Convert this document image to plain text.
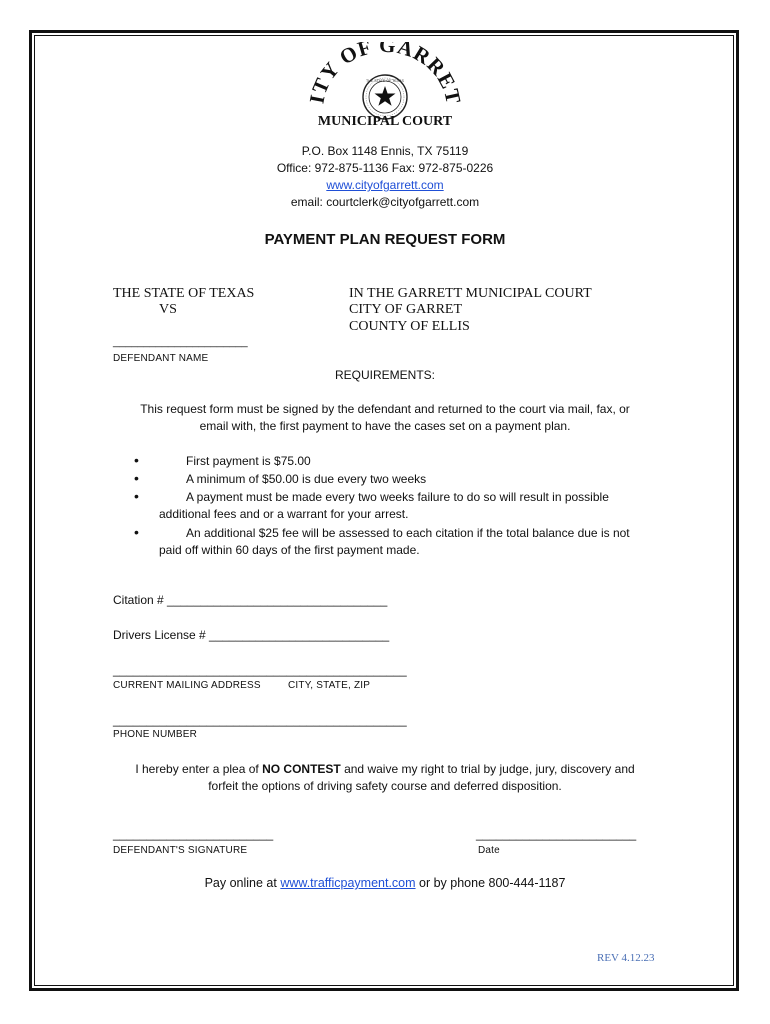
ITY OF GARRET
THE STATE OF TEXAS
MUNICIPAL COURT
P.O. Box 1148 Ennis, TX 75119
Office: 972-875-1136 Fax: 972-875-0226
www.cityofgarrett.com
email: courtclerk@cityofgarrett.com
PAYMENT PLAN REQUEST FORM
THE STATE OF TEXAS
VS
IN THE GARRETT MUNICIPAL COURT
CITY OF GARRET
COUNTY OF ELLIS
______________________
DEFENDANT NAME
REQUIREMENTS:
This request form must be signed by the defendant and returned to the court via mail, fax, or
email with, the first payment to have the cases set on a payment plan.
•	First payment is $75.00
•	A minimum of $50.00 is due every two weeks
•	A payment must be made every two weeks failure to do so will result in possible
additional fees and or a warrant for your arrest.
•	An additional $25 fee will be assessed to each citation if the total balance due is not
paid off within 60 days of the first payment made.
Citation # _________________________________
Drivers License # ___________________________
____________________________________________
CURRENT MAILING ADDRESS	CITY, STATE, ZIP
____________________________________________
PHONE NUMBER
I hereby enter a plea of NO CONTEST and waive my right to trial by judge, jury, discovery and
forfeit the options of driving safety course and deferred disposition.
________________________
DEFENDANT'S SIGNATURE
________________________
Date
Pay online at www.trafficpayment.com or by phone 800-444-1187
REV 4.12.23
